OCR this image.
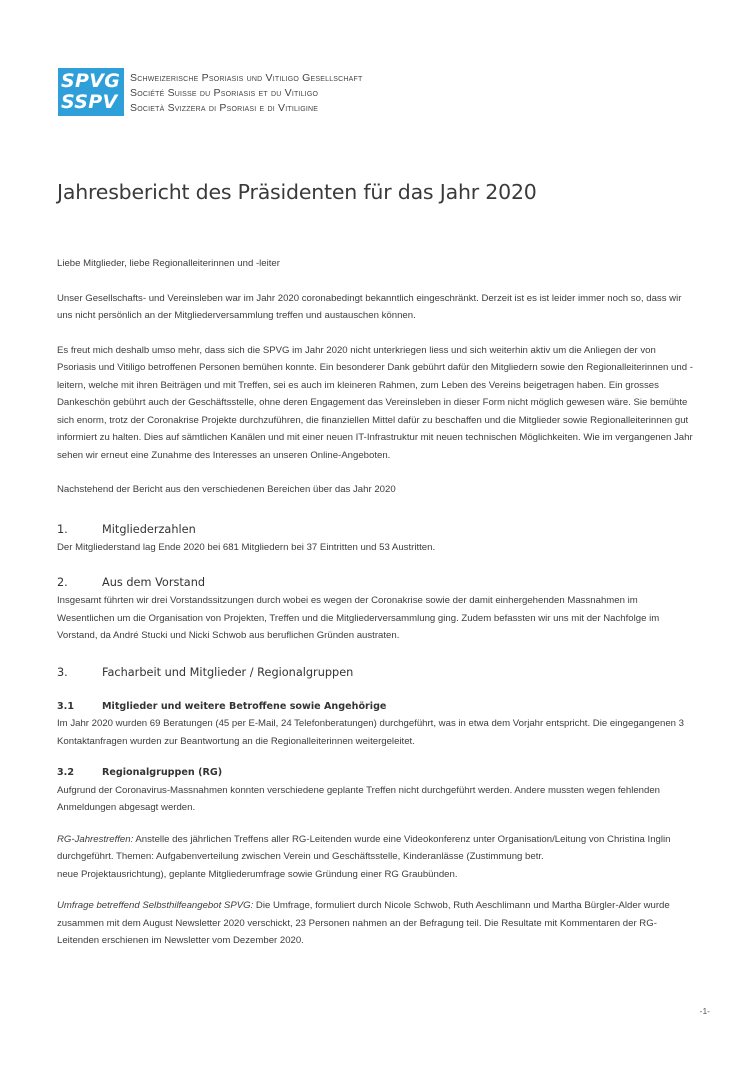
SPVG
SSPV
Schweizerische Psoriasis und Vitiligo Gesellschaft
Société Suisse du Psoriasis et du Vitiligo
Società Svizzera di Psoriasi e di Vitiligine
Jahresbericht des Präsidenten für das Jahr 2020

Liebe Mitglieder, liebe Regionalleiterinnen und -leiter

Unser Gesellschafts- und Vereinsleben war im Jahr 2020 coronabedingt bekanntlich eingeschränkt. Derzeit ist es ist leider immer noch so, dass wir uns nicht persönlich an der Mitgliederversammlung treffen und austauschen können.

Es freut mich deshalb umso mehr, dass sich die SPVG im Jahr 2020 nicht unterkriegen liess und sich weiterhin aktiv um die Anliegen der von Psoriasis und Vitiligo betroffenen Personen bemühen konnte. Ein besonderer Dank gebührt dafür den Mitgliedern sowie den Regionalleiterinnen und -leitern, welche mit ihren Beiträgen und mit Treffen, sei es auch im kleineren Rahmen, zum Leben des Vereins beigetragen haben. Ein grosses Dankeschön gebührt auch der Geschäftsstelle, ohne deren Engagement das Vereinsleben in dieser Form nicht möglich gewesen wäre. Sie bemühte sich enorm, trotz der Coronakrise Projekte durchzuführen, die finanziellen Mittel dafür zu beschaffen und die Mitglieder sowie Regionalleiterinnen gut informiert zu halten. Dies auf sämtlichen Kanälen und mit einer neuen IT-Infrastruktur mit neuen technischen Möglichkeiten. Wie im vergangenen Jahr sehen wir erneut eine Zunahme des Interesses an unseren Online-Angeboten.

Nachstehend der Bericht aus den verschiedenen Bereichen über das Jahr 2020

1.	Mitgliederzahlen

Der Mitgliederstand lag Ende 2020 bei 681 Mitgliedern bei 37 Eintritten und 53 Austritten.

2.	Aus dem Vorstand

Insgesamt führten wir drei Vorstandssitzungen durch wobei es wegen der Coronakrise sowie der damit einhergehenden Massnahmen im Wesentlichen um die Organisation von Projekten, Treffen und die Mitgliederversammlung ging. Zudem befassten wir uns mit der Nachfolge im Vorstand, da André Stucki und Nicki Schwob aus beruflichen Gründen austraten.

3.	Facharbeit und Mitglieder / Regionalgruppen
3.1	Mitglieder und weitere Betroffene sowie Angehörige

Im Jahr 2020 wurden 69 Beratungen (45 per E-Mail, 24 Telefonberatungen) durchgeführt, was in etwa dem Vorjahr entspricht. Die eingegangenen 3 Kontaktanfragen wurden zur Beantwortung an die Regionalleiterinnen weitergeleitet.

3.2	Regionalgruppen (RG)

Aufgrund der Coronavirus-Massnahmen konnten verschiedene geplante Treffen nicht durchgeführt werden. Andere mussten wegen fehlenden Anmeldungen abgesagt werden.

RG-Jahrestreffen: Anstelle des jährlichen Treffens aller RG-Leitenden wurde eine Videokonferenz unter Organisation/Leitung von Christina Inglin durchgeführt. Themen: Aufgabenverteilung zwischen Verein und Geschäftsstelle, Kinderanlässe (Zustimmung betr.

neue Projektausrichtung), geplante Mitgliederumfrage sowie Gründung einer RG Graubünden.

Umfrage betreffend Selbsthilfeangebot SPVG: Die Umfrage, formuliert durch Nicole Schwob, Ruth Aeschlimann und Martha Bürgler-Alder wurde zusammen mit dem August Newsletter 2020 verschickt, 23 Personen nahmen an der Befragung teil. Die Resultate mit Kommentaren der RG-Leitenden erschienen im Newsletter vom Dezember 2020.

-1-
